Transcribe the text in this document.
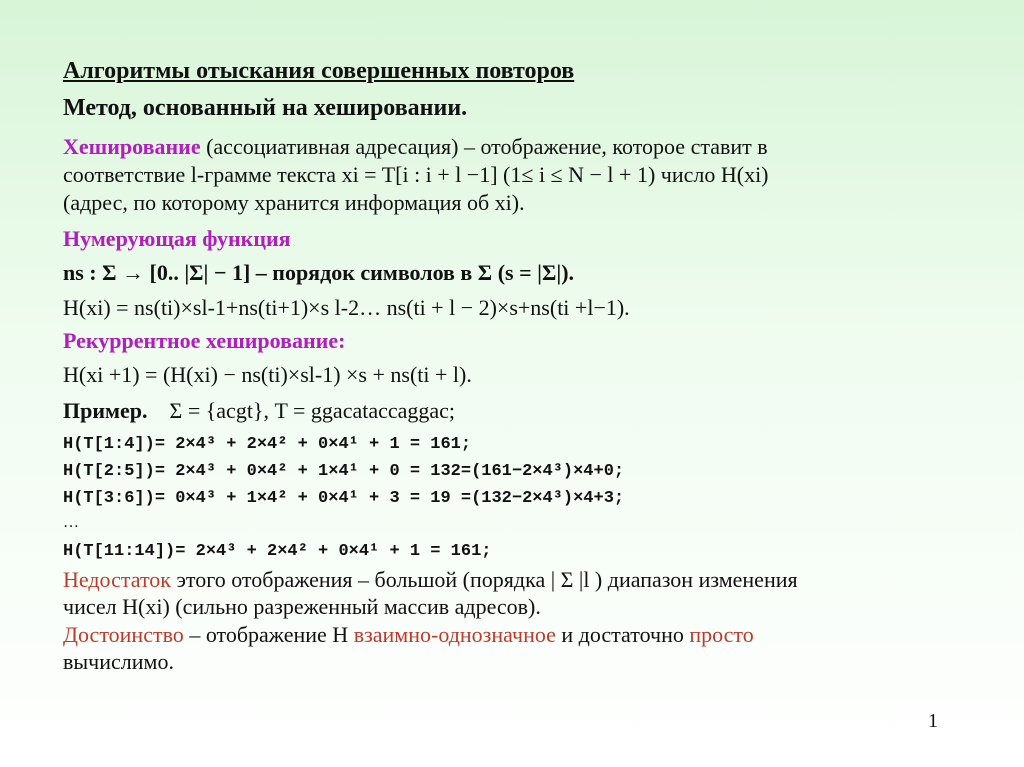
Алгоритмы отыскания совершенных повторов
Метод, основанный на хешировании.
Хеширование (ассоциативная адресация) – отображение, которое ставит в
соответствие l-грамме текста xi = T[i : i + l −1] (1≤ i ≤ N − l + 1) число H(xi)
(адрес, по которому хранится информация об xi).
Нумерующая функция
ns : Σ → [0.. |Σ| − 1] – порядок символов в Σ (s = |Σ|).
H(xi) = ns(ti)×sl-1+ns(ti+1)×s l-2… ns(ti + l − 2)×s+ns(ti +l−1).
Рекуррентное хеширование:
H(xi +1) = (H(xi) − ns(ti)×sl-1) ×s + ns(ti + l).
Пример. Σ = {acgt}, T = ggacataccaggac;
H(T[1:4])= 2×4³ + 2×4² + 0×4¹ + 1 = 161;
H(T[2:5])= 2×4³ + 0×4² + 1×4¹ + 0 = 132=(161−2×4³)×4+0;
H(T[3:6])= 0×4³ + 1×4² + 0×4¹ + 3 = 19 =(132−2×4³)×4+3;
…
H(T[11:14])= 2×4³ + 2×4² + 0×4¹ + 1 = 161;
Недостаток этого отображения – большой (порядка | Σ |l ) диапазон изменения
чисел H(xi) (сильно разреженный массив адресов).
Достоинство – отображение H взаимно-однозначное и достаточно просто
вычислимо.
1
